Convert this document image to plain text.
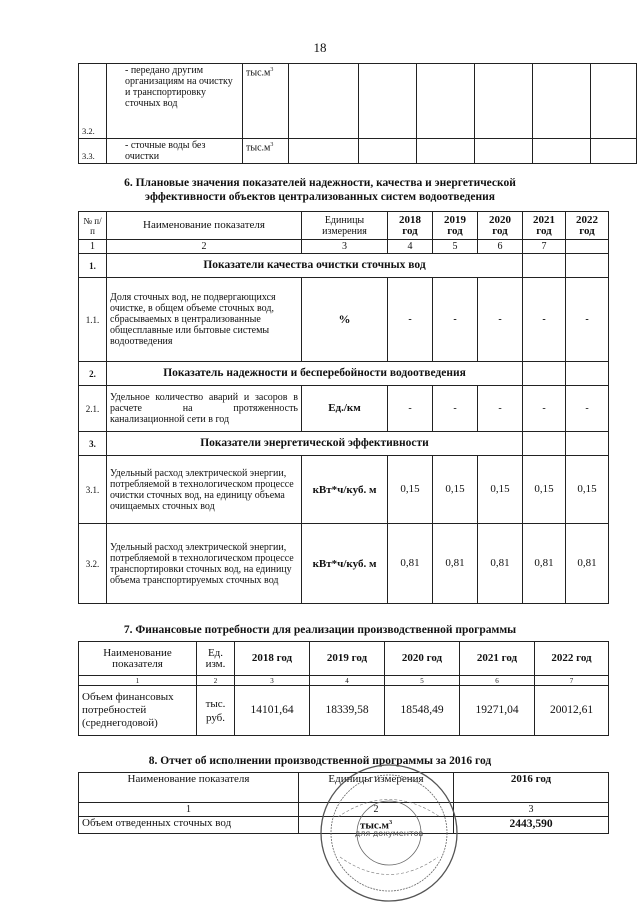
18
3.2.	- передано другим организациям на очистку и транспортировку сточных вод	$тыс.м^3$						
3.3.	- сточные воды без очистки	$тыс.м^3$						
6. Плановые значения показателей надежности, качества и энергетической
эффективности объектов централизованных систем водоотведения
№ п/п	Наименование показателя	Единицы измерения	2018 год	2019 год	2020 год	2021 год	2022 год
1	2	3	4	5	6	7	
1.	Показатели качества очистки сточных вод						
1.1.	Доля сточных вод, не подвергающихся очистке, в общем объеме сточных вод, сбрасываемых в централизованные общесплавные или бытовые системы водоотведения	%	-	-	-	-	-
2.	Показатель надежности и бесперебойности водоотведения						
2.1.	Удельное количество аварий и засоров в расчете на протяженность канализационной сети в год	Ед./км	-	-	-	-	-
3.	Показатели энергетической эффективности						
3.1.	Удельный расход электрической энергии, потребляемой в технологическом процессе очистки сточных вод, на единицу объема очищаемых сточных вод	кВт*ч/куб. м	0,15	0,15	0,15	0,15	0,15
3.2.	Удельный расход электрической энергии, потребляемой в технологическом процессе транспортировки сточных вод, на единицу объема транспортируемых сточных вод	кВт*ч/куб. м	0,81	0,81	0,81	0,81	0,81
7. Финансовые потребности для реализации производственной программы
Наименование показателя	Ед. изм.	2018 год	2019 год	2020 год	2021 год	2022 год
1	2	3	4	5	6	7
Объем финансовых потребностей (среднегодовой)	тыс. руб.	14101,64	18339,58	18548,49	19271,04	20012,61
8. Отчет об исполнении производственной программы за 2016 год
Наименование показателя	Единицы измерения	2016 год
1	2	3
Объем отведенных сточных вод	$тыс.м^3$	2443,590
для документов
